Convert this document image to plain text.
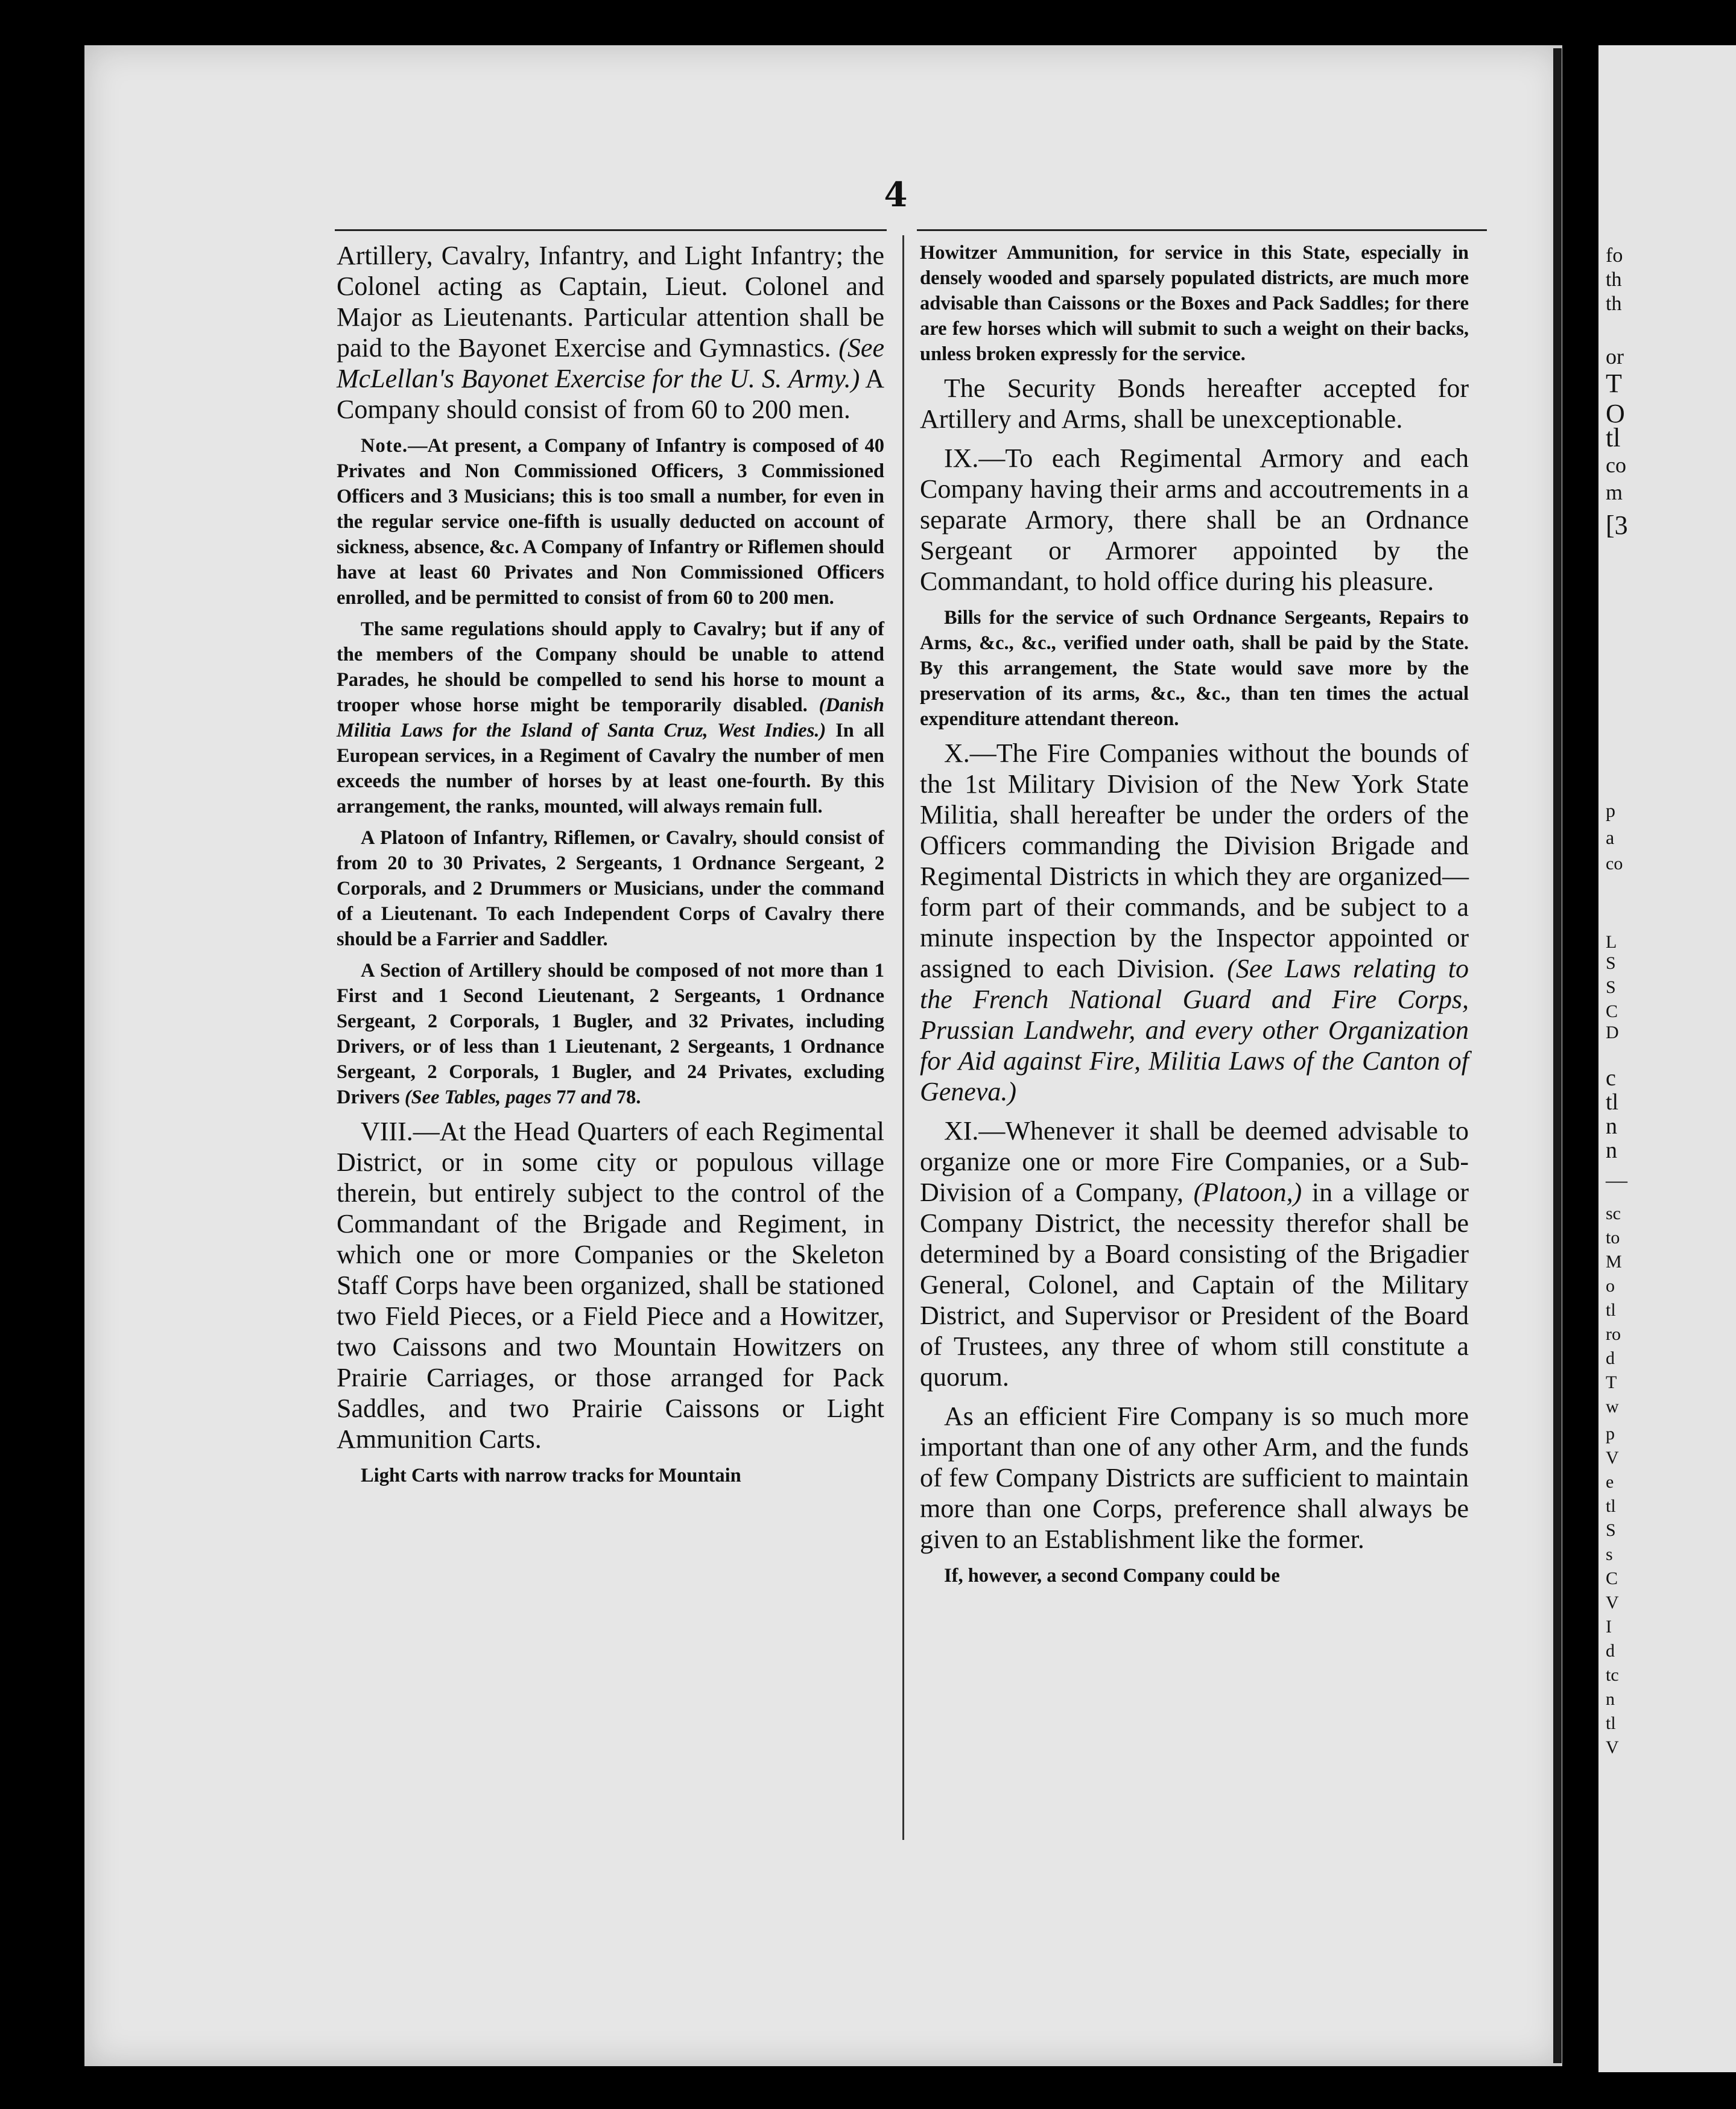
4

Artillery, Cavalry, Infantry, and Light Infantry; the Colonel acting as Captain, Lieut. Colonel and Major as Lieutenants. Particular attention shall be paid to the Bayonet Exercise and Gymnastics. (See McLellan's Bayonet Exercise for the U. S. Army.) A Company should consist of from 60 to 200 men.

Note.—At present, a Company of Infantry is composed of 40 Privates and Non Commissioned Officers, 3 Commissioned Officers and 3 Musicians; this is too small a number, for even in the regular service one-fifth is usually deducted on account of sickness, absence, &c. A Company of Infantry or Riflemen should have at least 60 Privates and Non Commissioned Officers enrolled, and be permitted to consist of from 60 to 200 men.

The same regulations should apply to Cavalry; but if any of the members of the Company should be unable to attend Parades, he should be compelled to send his horse to mount a trooper whose horse might be temporarily disabled. (Danish Militia Laws for the Island of Santa Cruz, West Indies.) In all European services, in a Regiment of Cavalry the number of men exceeds the number of horses by at least one-fourth. By this arrangement, the ranks, mounted, will always remain full.

A Platoon of Infantry, Riflemen, or Cavalry, should consist of from 20 to 30 Privates, 2 Sergeants, 1 Ordnance Sergeant, 2 Corporals, and 2 Drummers or Musicians, under the command of a Lieutenant. To each Independent Corps of Cavalry there should be a Farrier and Saddler.

A Section of Artillery should be composed of not more than 1 First and 1 Second Lieutenant, 2 Sergeants, 1 Ordnance Sergeant, 2 Corporals, 1 Bugler, and 32 Privates, including Drivers, or of less than 1 Lieutenant, 2 Sergeants, 1 Ordnance Sergeant, 2 Corporals, 1 Bugler, and 24 Privates, excluding Drivers (See Tables, pages 77 and 78.

VIII.—At the Head Quarters of each Regimental District, or in some city or populous village therein, but entirely subject to the control of the Commandant of the Brigade and Regiment, in which one or more Companies or the Skeleton Staff Corps have been organized, shall be stationed two Field Pieces, or a Field Piece and a Howitzer, two Caissons and two Mountain Howitzers on Prairie Carriages, or those arranged for Pack Saddles, and two Prairie Caissons or Light Ammunition Carts.

Light Carts with narrow tracks for Mountain

Howitzer Ammunition, for service in this State, especially in densely wooded and sparsely populated districts, are much more advisable than Caissons or the Boxes and Pack Saddles; for there are few horses which will submit to such a weight on their backs, unless broken expressly for the service.

The Security Bonds hereafter accepted for Artillery and Arms, shall be unexceptionable.

IX.—To each Regimental Armory and each Company having their arms and accoutrements in a separate Armory, there shall be an Ordnance Sergeant or Armorer appointed by the Commandant, to hold office during his pleasure.

Bills for the service of such Ordnance Sergeants, Repairs to Arms, &c., &c., verified under oath, shall be paid by the State. By this arrangement, the State would save more by the preservation of its arms, &c., &c., than ten times the actual expenditure attendant thereon.

X.—The Fire Companies without the bounds of the 1st Military Division of the New York State Militia, shall hereafter be under the orders of the Officers commanding the Division Brigade and Regimental Districts in which they are organized—form part of their commands, and be subject to a minute inspection by the Inspector appointed or assigned to each Division. (See Laws relating to the French National Guard and Fire Corps, Prussian Landwehr, and every other Organization for Aid against Fire, Militia Laws of the Canton of Geneva.)

XI.—Whenever it shall be deemed advisable to organize one or more Fire Companies, or a Sub-Division of a Company, (Platoon,) in a village or Company District, the necessity therefor shall be determined by a Board consisting of the Brigadier General, Colonel, and Captain of the Military District, and Supervisor or President of the Board of Trustees, any three of whom still constitute a quorum.

As an efficient Fire Company is so much more important than one of any other Arm, and the funds of few Company Districts are sufficient to maintain more than one Corps, preference shall always be given to an Establishment like the former.

If, however, a second Company could be

fo
th
th
or
T
O
tl
co
m
[3
p
a
co
L
S
S
C
D
c
tl
n
n
—
sc
to
M
o
tl
ro
d
T
w
p
V
e
tl
S
s
C
V
I
d
tc
n
tl
V
